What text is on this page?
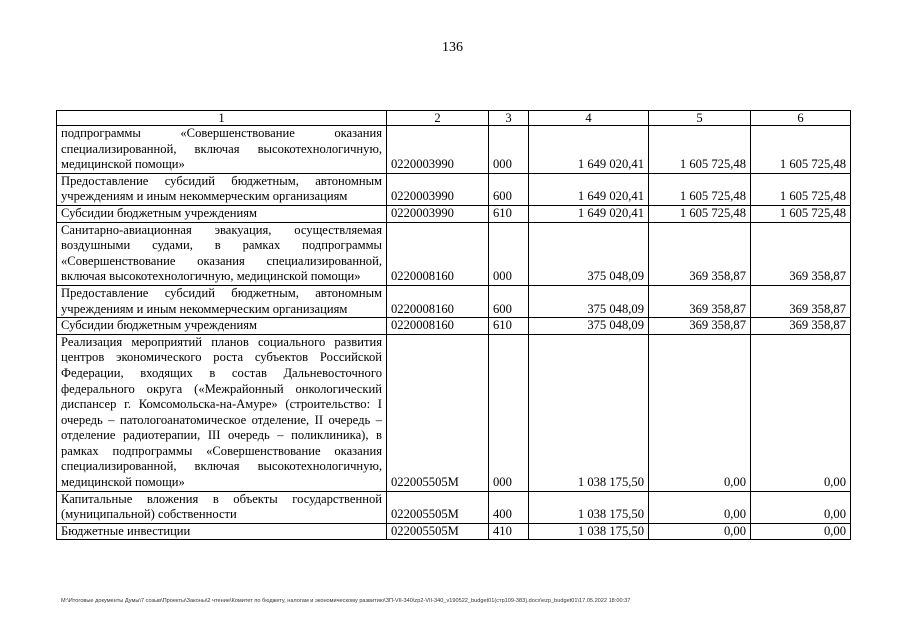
136
1	2	3	4	5	6
подпрограммы «Совершенствование оказания специализированной, включая высокотехнологичную, медицинской помощи»	0220003990	000	1 649 020,41	1 605 725,48	1 605 725,48
Предоставление субсидий бюджетным, автономным учреждениям и иным некоммерческим организациям	0220003990	600	1 649 020,41	1 605 725,48	1 605 725,48
Субсидии бюджетным учреждениям	0220003990	610	1 649 020,41	1 605 725,48	1 605 725,48
Санитарно-авиационная эвакуация, осуществляемая воздушными судами, в рамках подпрограммы «Совершенствование оказания специализированной, включая высокотехнологичную, медицинской помощи»	0220008160	000	375 048,09	369 358,87	369 358,87
Предоставление субсидий бюджетным, автономным учреждениям и иным некоммерческим организациям	0220008160	600	375 048,09	369 358,87	369 358,87
Субсидии бюджетным учреждениям	0220008160	610	375 048,09	369 358,87	369 358,87
Реализация мероприятий планов социального развития центров экономического роста субъектов Российской Федерации, входящих в состав Дальневосточного федерального округа («Межрайонный онкологический диспансер г. Комсомольска-на-Амуре» (строительство: I очередь – патологоанатомическое отделение, II очередь – отделение радиотерапии, III очередь – поликлиника), в рамках подпрограммы «Совершенствование оказания специализированной, включая высокотехнологичную, медицинской помощи»	022005505M	000	1 038 175,50	0,00	0,00
Капитальные вложения в объекты государственной (муниципальной) собственности	022005505M	400	1 038 175,50	0,00	0,00
Бюджетные инвестиции	022005505M	410	1 038 175,50	0,00	0,00
M:\Итоговые документы Думы\7 созыв\Проекты\Законы\2 чтение\Комитет по бюджету, налогам и экономическому развитию\ЗП-VII-340\zp2-VII-340_v190522_budget01(стр109-383).docx\ezp_budget01\17.05.2022 18:00:37
